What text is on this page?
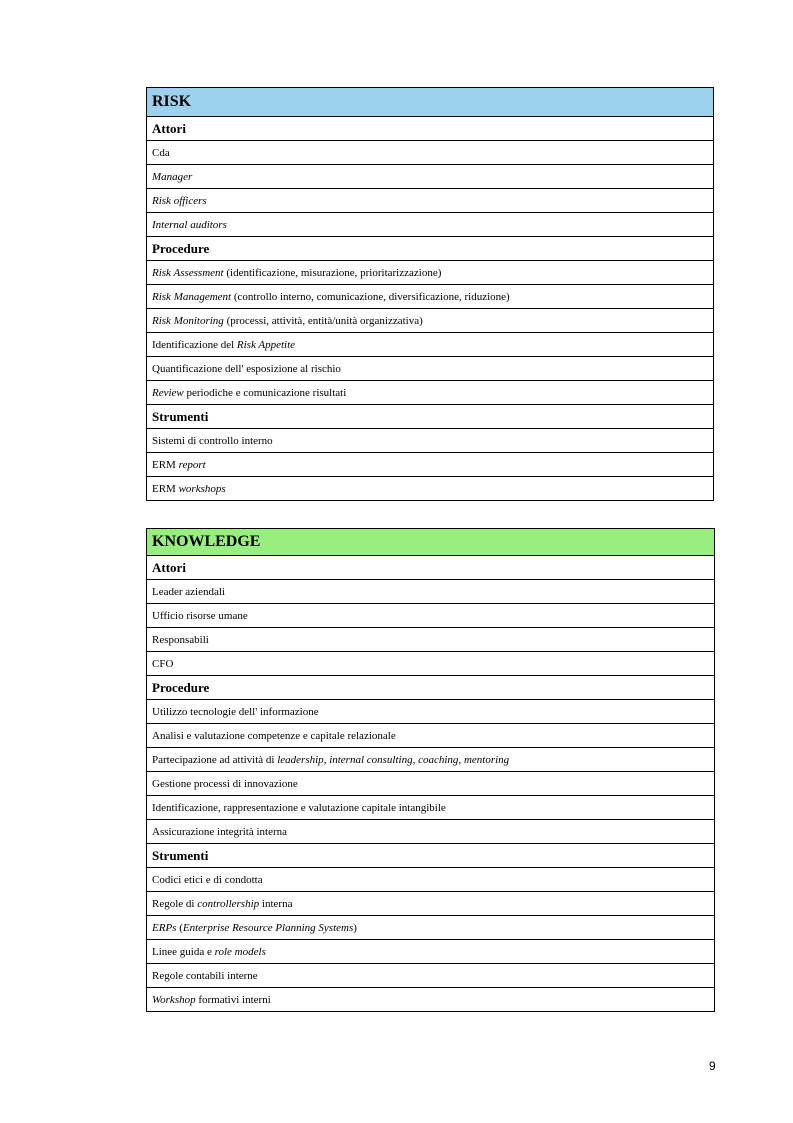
RISK
Attori
Cda
Manager
Risk officers
Internal auditors
Procedure
Risk Assessment (identificazione, misurazione, prioritarizzazione)
Risk Management (controllo interno, comunicazione, diversificazione, riduzione)
Risk Monitoring (processi, attività, entità/unità organizzativa)
Identificazione del Risk Appetite
Quantificazione dell' esposizione al rischio
Review periodiche e comunicazione risultati
Strumenti
Sistemi di controllo interno
ERM report
ERM workshops
KNOWLEDGE
Attori
Leader aziendali
Ufficio risorse umane
Responsabili
CFO
Procedure
Utilizzo tecnologie dell' informazione
Analisi e valutazione competenze e capitale relazionale
Partecipazione ad attività di leadership , internal consulting , coaching , mentoring
Gestione processi di innovazione
Identificazione, rappresentazione e valutazione capitale intangibile
Assicurazione integrità interna
Strumenti
Codici etici e di condotta
Regole di controllership interna
ERPs ( Enterprise Resource Planning Systems )
Linee guida e role models
Regole contabili interne
Workshop formativi interni
9
